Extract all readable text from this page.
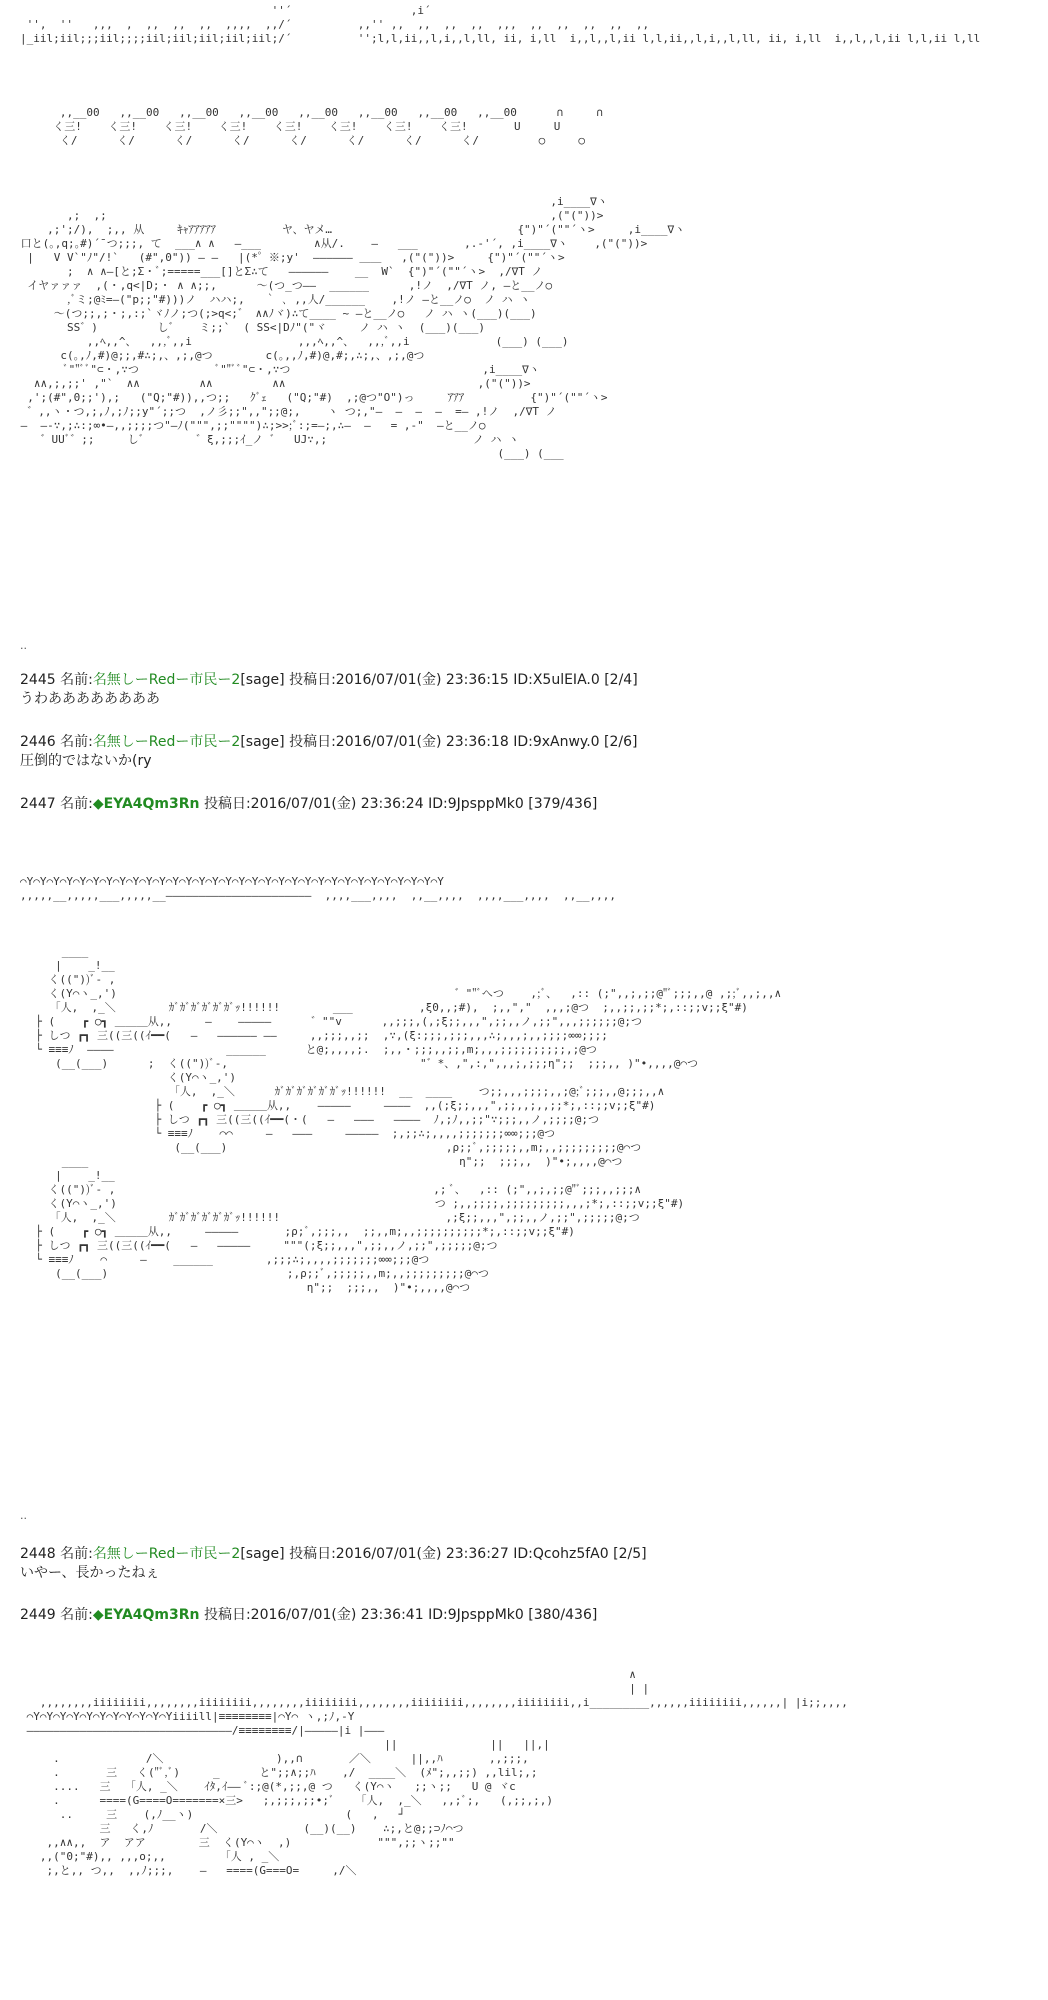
''´                  ,i´
'',  ''   ,,,  ,  ,,  ,,  ,,  ,,,,  ,,/´          ,,'' ,,  ,,  ,,  ,,  ,,,  ,,  ,,  ,,  ,,  ,,
|_iil;iil;;;iil;;;;iil;iil;iil;iil;iil;/´          '';l,l,ii,,l,i,,l,ll, ii, i,ll  i,,l,,l,ii l,l,ii,,l,i,,l,ll, ii, i,ll  i,,l,,l,ii l,l,ii l,ll
,,__00   ,,__00   ,,__00   ,,__00   ,,__00   ,,__00   ,,__00   ,,__00      ∩     ∩
く三!    く三!    く三!    く三!    く三!    く三!    く三!    く三!       U     U
く/      く/      く/      く/      く/      く/      く/      く/         ○     ○
,i____∇ヽ
,;  ,;                                                                   ,("("))>
,;';/),  ;,, 从     ｷｬｱｱｱｱｱ          ヤ、ヤメ…                            {")"´(""´ヽ>     ,i____∇ヽ
口と(｡,q;｡#)´¯つ;;;, て  ___∧ ∧   ―___        ∧从/.    ―   ___       ,.-'´, ,i____∇ヽ    ,("("))>
|   V V`"ﾉ"/!`   (#",0")) ― ―   |(*゜※;y'  ―――――― ＿＿   ,("("))>     {")"´(""´ヽ>
;  ∧ ∧―[と;Σ・ﾞ;=====___[]とΣ∴て   ――――――    __  W`  {")"´(""´ヽ>  ,/∇T ノ
イヤァァァ  ,(・,q<|D;・ ∧ ∧;;,      ～(つ_つ――  ______      ,!ノ  ,/∇T ノ, ―と__ノ○
,ﾞミ;@ﾐ=―("p;;"#)))ノ  ハハ;,   ｀ ､ ,,人/______    ,!ノ ―と__ノ○  ノ ハ ヽ
～(つ;;,;・;,:;`ヾﾉノ;つ(;>q<;゛ ∧∧ﾉヾ)∴て____ ~ ―と__ノ○   ノ ハ ヽ(___)(___)
SS゛)         し゛   ミ;;`  ( SS<|Dﾉ"("ヾ     ノ ハ ヽ  (___)(___)
,,ﾍ,,^、  ,,,ﾞ,,i                ,,,ﾍ,,^、  ,,,ﾞ,,i             (___) (___)
c(｡,ﾉ,#)@;;,#∴;,、,;,@つ        c(｡,,ﾉ,#)@,#;,∴;,、,;,@つ
ﾞ""ﾞﾞ"⊂・,∵つ            ﾞ""ﾞﾞ"⊂・,∵つ                             ,i____∇ヽ
∧∧,;,;;' ,"`  ∧∧         ∧∧         ∧∧                             ,("("))>
,';(#",0;;'),;   ("Q;"#)),,つ;;   ｸﾞｪ   ("Q;"#)  ,;@つ"O")っ     ｱｱｱ          {")"´(""´ヽ>
゛,,ヽ・つ,;,ﾉ,;ﾉ;;y"´;;つ  ,ノ彡;;",,";;@;,    ヽ つ;,"―  ―  ―  ―  =― ,!ノ  ,/∇T ノ
―  ―‐∵,;∴:;∞•―,,;;;;つ"―ﾉ(""",;;"""")∴;>>;ﾞ:;=―;,∴―  ―   = ,-"  ―と__ノ○
゛UUﾞ゛;;     し゛       ゛ξ,;;;ｲ_ノ ゛  UJ∵,;                      ノ ハ ヽ
(___) (___
..
2445 名前:名無しーRedー市民ー2[sage] 投稿日:2016/07/01(金) 23:36:15 ID:X5ulEIA.0 [2/4]
うわああああああああ
2446 名前:名無しーRedー市民ー2[sage] 投稿日:2016/07/01(金) 23:36:18 ID:9xAnwy.0 [2/6]
圧倒的ではないか(ry
2447 名前:◆EYA4Qm3Rn 投稿日:2016/07/01(金) 23:36:24 ID:9JpsppMk0 [379/436]
⌒Y⌒Y⌒Y⌒Y⌒Y⌒Y⌒Y⌒Y⌒Y⌒Y⌒Y⌒Y⌒Y⌒Y⌒Y⌒Y⌒Y⌒Y⌒Y⌒Y⌒Y⌒Y⌒Y⌒Y⌒Y⌒Y⌒Y⌒Y⌒Y⌒Y⌒Y⌒Y
,,,,,__,,,,,___,,,,,__――――――――――――――――――――――  ,,,,___,,,,  ,,__,,,,  ,,,,___,,,,  ,,__,,,,
____
|    _!__
く(("))ﾞ- ,
く(Y⌒ヽ_,')                                                   ゛""ﾞへつ    ,;ﾞ、  ,:: (;",,;,;;@"ﾞ;;;,,@ ,;;ﾞ,,;,,∧
｢人,  ,_＼        ｶﾞｶﾞｶﾞｶﾞｶﾞｶﾞｯ!!!!!!        ___          ,ξ0,,;#),  ;,,","  ,,,;@つ  ;,,;;,;;*;,::;;v;;ξ"#)
├ (    ┏ ○┓ ＿＿＿从,,     ―    ―――――      ゛""v      ,,;;;,(,;ξ;;,,,",;;,,ノ,;;",,,;;;;;;@;つ
├ しつ ┏┓ 三((三((ｲ━━(   ―   ―――――― ――     ,,;;;,,;;  ,∵,(ξ:;;;,;;;,,,∴;,,,;,,;;;;∞∞;;;;
└ ≡≡≡ﾉ  ――――                 ______      と@;,,,,;.  ;,,・;;;,,;;,m;,,,;;;;;;;;;;,;@つ
(__(___)      ;  く(("))ﾞ-,                             "゛*、,",:,",,,;,;;;η";;  ;;;,, )"•,,,,@⌒つ
く(Y⌒ヽ_,')
｢人,  ,_＼      ｶﾞｶﾞｶﾞｶﾞｶﾞｶﾞｯ!!!!!!  __  ____    つ;;,,,;;;;,,;@;ﾞ;;;,,@;;;,,∧
├ (    ┏ ○┓ ＿＿＿从,,    ―――――     ――――  ,,(;ξ;;,,,",;;,,;,,;;*;,::;;v;;ξ"#)
├ しつ ┏┓ 三((三((ｲ━━(・(   ―   ―――   ――――  ﾉ,;ﾉ,,;;"∵;;;,,ノ,;;;;@;つ
└ ≡≡≡ﾉ    ⌒⌒     ―   ―――     ―――――  ;,;;∴;,,,,;;;;;;;∞∞;;;@つ
(__(___)                                 ,ρ;;ﾞ,;;;;;,,m;,,;;;;;;;;;@⌒つ
____                                                        η";;  ;;;,,  )"•;,,,,@⌒つ
|    _!__
く(("))ﾞ- ,                                                ,; ﾞ、  ,:: (;",,;,;;@"ﾞ;;;,,;;;∧
く(Y⌒ヽ_,')                                                つ ;,,;;;;,;;;;;;;;;,,,;*;,::;;v;;ξ"#)
｢人,  ,_＼        ｶﾞｶﾞｶﾞｶﾞｶﾞｶﾞｯ!!!!!!                         ,;ξ;;,,,",;;,,ノ,;;",;;;;;@;つ
├ (    ┏ ○┓ ＿＿＿从,,     ―――――       ;ρ;ﾞ,;;;,,  ;;,,m;,,;;;;;;;;;;*;,::;;v;;ξ"#)
├ しつ ┏┓ 三((三((ｲ━━(   ―   ―――――     """(;ξ;;,,,",;;,,ノ,;;",;;;;;@;つ
└ ≡≡≡ﾉ    ⌒     ―    ______        ,;;;∴;,,,,;;;;;;;∞∞;;;@つ
(__(___)                           ;,ρ;;ﾞ,;;;;;,,m;,,;;;;;;;;;@⌒つ
η";;  ;;;,,  )"•;,,,,@⌒つ
..
2448 名前:名無しーRedー市民ー2[sage] 投稿日:2016/07/01(金) 23:36:27 ID:Qcohz5fA0 [2/5]
いやー、長かったねぇ
2449 名前:◆EYA4Qm3Rn 投稿日:2016/07/01(金) 23:36:41 ID:9JpsppMk0 [380/436]
∧
| |
,,,,,,,,iiiiiiii,,,,,,,,iiiiiiii,,,,,,,,iiiiiiii,,,,,,,,iiiiiiii,,,,,,,,iiiiiiii,,i_________,,,,,,iiiiiiii,,,,,,| |i;;,,,,
⌒Y⌒Y⌒Y⌒Y⌒Y⌒Y⌒Y⌒Y⌒Y⌒Y⌒Yiiiill|≡≡≡≡≡≡≡≡|⌒Y⌒ ヽ,;ﾉ,-Y
―――――――――――――――――――――――――――――――/≡≡≡≡≡≡≡≡/|―――――|i |―――
||              ||   ||,|
.             /＼                 ),,∩       ／＼      ||,,ﾊ       ,,;;;,
.       三   く("ﾞ,ﾞ)     _      と";;∧;;ﾊ    ,/  ____＼  (ﾒ";,,;;) ,,lil;,;
....   三   ｢人, _＼    ｲﾀ,ｲ―― ﾞ:;@(*,;;,@ つ   く(Y⌒ヽ   ;;ヽ;;   U @ ヾc
.      ====(G====O=======×三>   ;,;;;,;;•;ﾞ    ｢人,  ,_＼   ,,;ﾞ;,   (,;;,;,)
..     三    (,ﾉ__ヽ)                       (   ,   ┘
三   く,ﾉ       /＼             (__)(__)    ∴;,と@;;⊃ﾉ⌒つ
,,∧∧,,  ア  アア        三  く(Y⌒ヽ  ,)             """,;;ヽ;;""
,,("0;"#),, ,,,o;,,         ｢人 , _＼
;,と,, つ,,  ,,ﾉ;;;,    ―   ====(G===O=     ,/＼
